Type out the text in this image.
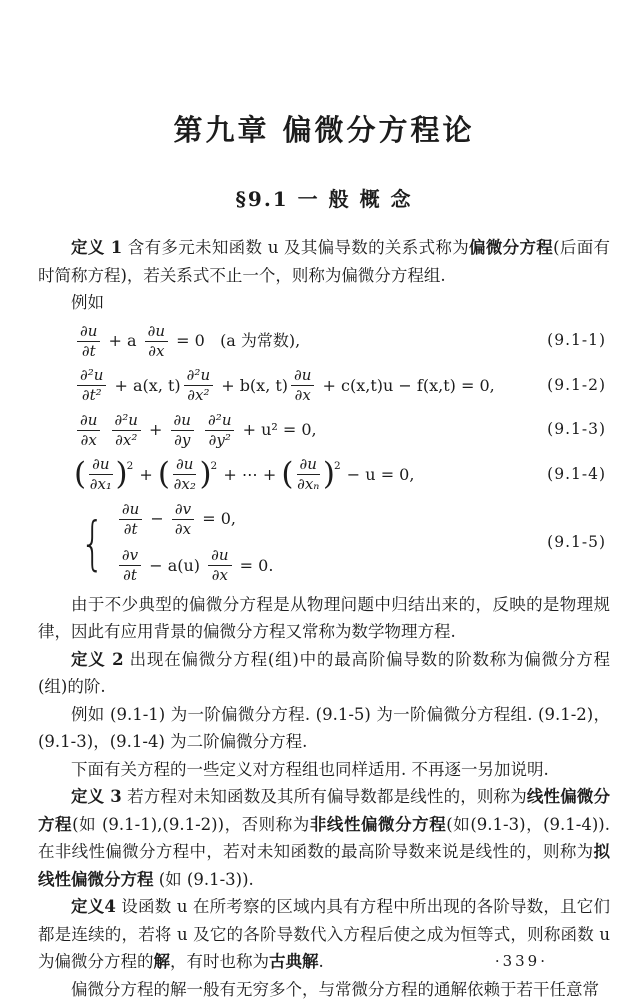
第九章 偏微分方程论
§9.1 一 般 概 念
定义 1 含有多元未知函数 u 及其偏导数的关系式称为偏微分方程(后面有时简称方程)，若关系式不止一个，则称为偏微分方程组.
例如
$\frac{\partial u}{\partial t} + a \frac{\partial u}{\partial x} = 0$   (a 为常数),	(9.1-1)
$\frac{\text{∂²u}}{\text{∂t²}} + a(x$, $t) \frac{\text{∂²u}}{\text{∂x²}} + b(x$, $t) \frac{\partial u}{\partial x} + c(x,t)u - f(x,t) = 0$,	(9.1-2)
$\frac{\partial u}{\partial x}$
$\frac{\text{∂²u}}{\text{∂x²}} + \frac{\partial u}{\partial y}$
$\frac{\text{∂²u}}{\text{∂y²}} + u^2 = 0$,	(9.1-3)
( $\frac{\partial u}{\text{∂x₁}} )^2$ + ( $\frac{\partial u}{\text{∂x₂}} )^2$ + ⋯ + ( $\frac{\partial u}{\text{∂xₙ}} )^2 - u = 0$,	(9.1-4)
{ $\frac{\partial u}{\partial t} - \frac{\partial v}{\partial x} = 0$,
$\frac{\partial v}{\partial t} - a(u) \frac{\partial u}{\partial x} = 0$.
(9.1-5)
由于不少典型的偏微分方程是从物理问题中归结出来的，反映的是物理规律，因此有应用背景的偏微分方程又常称为数学物理方程.
定义 2 出现在偏微分方程(组)中的最高阶偏导数的阶数称为偏微分方程(组)的阶.
例如 (9.1-1) 为一阶偏微分方程. (9.1-5) 为一阶偏微分方程组. (9.1-2)，(9.1-3)，(9.1-4) 为二阶偏微分方程.
下面有关方程的一些定义对方程组也同样适用. 不再逐一另加说明.
定义 3 若方程对未知函数及其所有偏导数都是线性的，则称为线性偏微分方程(如 (9.1-1),(9.1-2))，否则称为非线性偏微分方程(如(9.1-3)，(9.1-4)). 在非线性偏微分方程中，若对未知函数的最高阶导数来说是线性的，则称为拟线性偏微分方程 (如 (9.1-3)).
定义4 设函数 u 在所考察的区域内具有方程中所出现的各阶导数，且它们都是连续的，若将 u 及它的各阶导数代入方程后使之成为恒等式，则称函数 u 为偏微分方程的解，有时也称为古典解.
偏微分方程的解一般有无穷多个，与常微分方程的通解依赖于若干任意常
·339·
